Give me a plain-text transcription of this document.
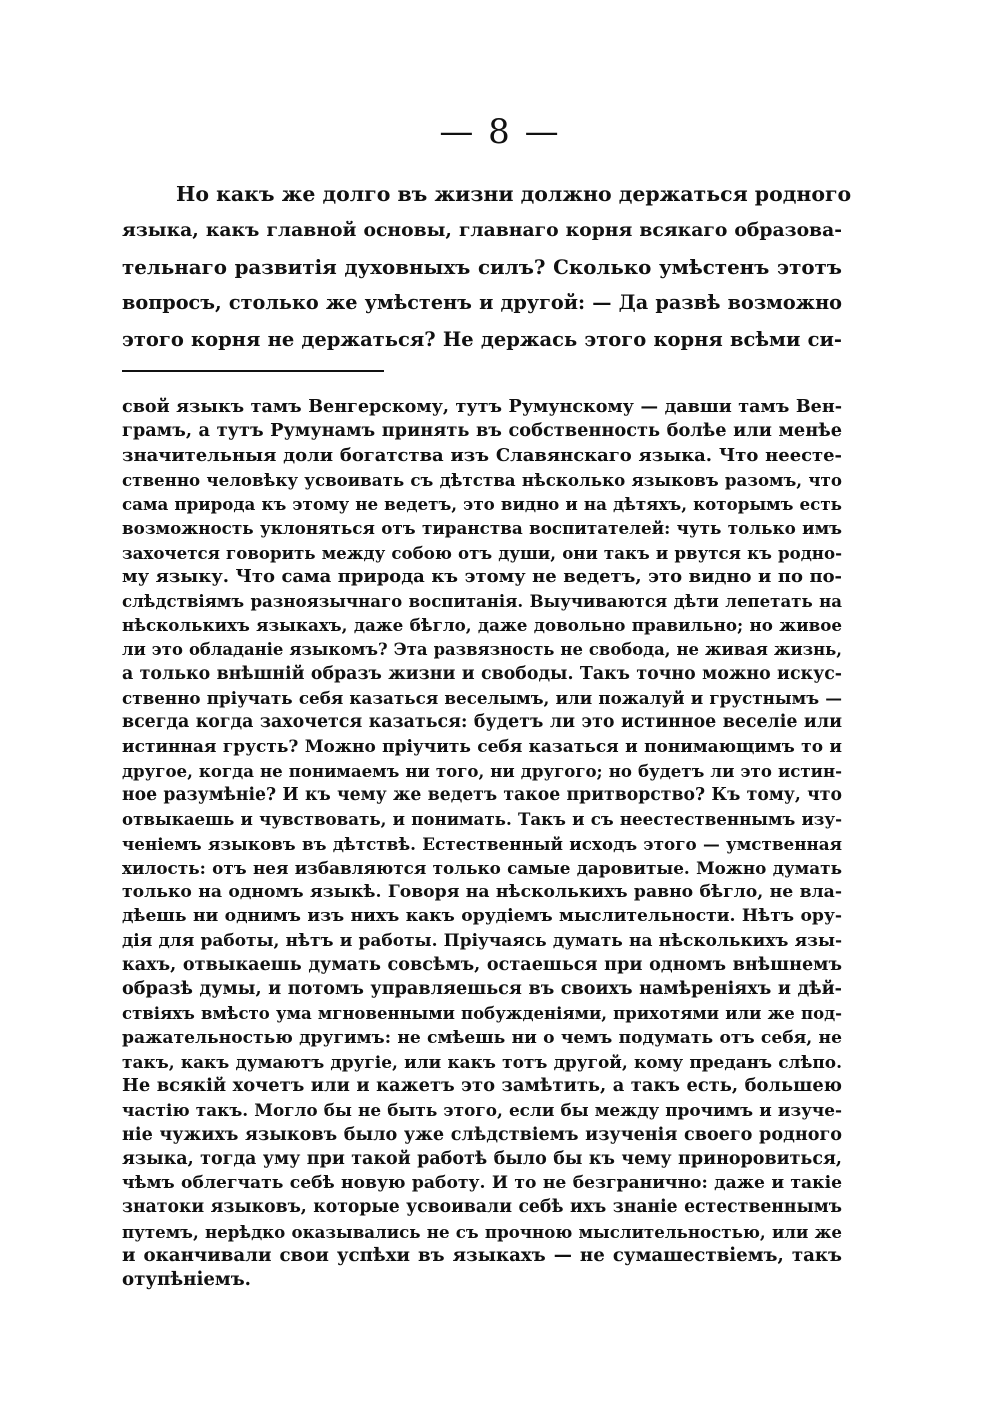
— 8 —
Но какъ же долго въ жизни должно держаться родного
языка, какъ главной основы, главнаго корня всякаго образова-
тельнаго развитія духовныхъ силъ? Сколько умѣстенъ этотъ
вопросъ, столько же умѣстенъ и другой: — Да развѣ возможно
этого корня не держаться? Не держась этого корня всѣми си-
свой языкъ тамъ Венгерскому, тутъ Румунскому — давши тамъ Вен-
грамъ, а тутъ Румунамъ принять въ собственность болѣе или менѣе
значительныя доли богатства изъ Славянскаго языка. Что неесте-
ственно человѣку усвоивать съ дѣтства нѣсколько языковъ разомъ, что
сама природа къ этому не ведетъ, это видно и на дѣтяхъ, которымъ есть
возможность уклоняться отъ тиранства воспитателей: чуть только имъ
захочется говорить между собою отъ души, они такъ и рвутся къ родно-
му языку. Что сама природа къ этому не ведетъ, это видно и по по-
слѣдствіямъ разноязычнаго воспитанія. Выучиваются дѣти лепетать на
нѣсколькихъ языкахъ, даже бѣгло, даже довольно правильно; но живое
ли это обладаніе языкомъ? Эта развязность не свобода, не живая жизнь,
а только внѣшній образъ жизни и свободы. Такъ точно можно искус-
ственно пріучать себя казаться веселымъ, или пожалуй и грустнымъ —
всегда когда захочется казаться: будетъ ли это истинное веселіе или
истинная грусть? Можно пріучить себя казаться и понимающимъ то и
другое, когда не понимаемъ ни того, ни другого; но будетъ ли это истин-
ное разумѣніе? И къ чему же ведетъ такое притворство? Къ тому, что
отвыкаешь и чувствовать, и понимать. Такъ и съ неестественнымъ изу-
ченіемъ языковъ въ дѣтствѣ. Естественный исходъ этого — умственная
хилость: отъ нея избавляются только самые даровитые. Можно думать
только на одномъ языкѣ. Говоря на нѣсколькихъ равно бѣгло, не вла-
дѣешь ни однимъ изъ нихъ какъ орудіемъ мыслительности. Нѣтъ ору-
дія для работы, нѣтъ и работы. Пріучаясь думать на нѣсколькихъ язы-
кахъ, отвыкаешь думать совсѣмъ, остаешься при одномъ внѣшнемъ
образѣ думы, и потомъ управляешься въ своихъ намѣреніяхъ и дѣй-
ствіяхъ вмѣсто ума мгновенными побужденіями, прихотями или же под-
ражательностью другимъ: не смѣешь ни о чемъ подумать отъ себя, не
такъ, какъ думаютъ другіе, или какъ тотъ другой, кому преданъ слѣпо.
Не всякій хочетъ или и кажетъ это замѣтить, а такъ есть, большею
частію такъ. Могло бы не быть этого, если бы между прочимъ и изуче-
ніе чужихъ языковъ было уже слѣдствіемъ изученія своего родного
языка, тогда уму при такой работѣ было бы къ чему приноровиться,
чѣмъ облегчать себѣ новую работу. И то не безгранично: даже и такіе
знатоки языковъ, которые усвоивали себѣ ихъ знаніе естественнымъ
путемъ, нерѣдко оказывались не съ прочною мыслительностью, или же
и оканчивали свои успѣхи въ языкахъ — не сумашествіемъ, такъ
отупѣніемъ.
